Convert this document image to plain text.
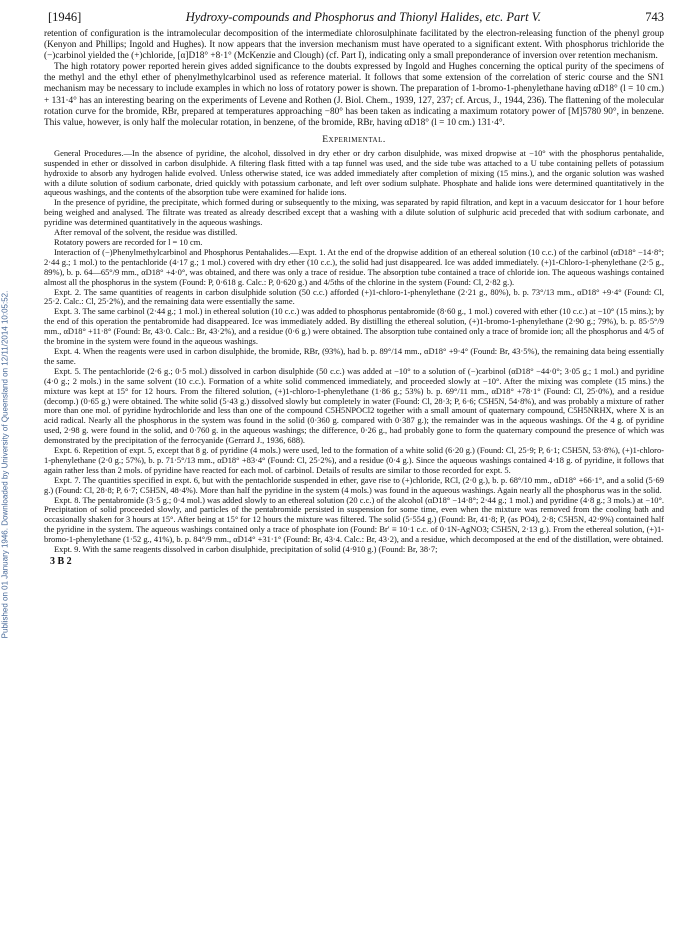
Published on 01 January 1946. Downloaded by University of Queensland on 12/11/2014 10:05:52.
[1946]	Hydroxy-compounds and Phosphorus and Thionyl Halides, etc. Part V.	743

retention of configuration is the intramolecular decomposition of the intermediate chlorosulphinate facilitated by the electron-releasing function of the phenyl group (Kenyon and Phillips; Ingold and Hughes). It now appears that the inversion mechanism must have operated to a significant extent. With phosphorus trichloride the (−)carbinol yielded the (+)chloride, [α]D18° +8·1° (McKenzie and Clough) (cf. Part I), indicating only a small preponderance of inversion over retention mechanism.

The high rotatory power reported herein gives added significance to the doubts expressed by Ingold and Hughes concerning the optical purity of the specimens of the methyl and the ethyl ether of phenylmethylcarbinol used as reference material. It follows that some extension of the correlation of steric course and the SN1 mechanism may be necessary to include examples in which no loss of rotatory power is shown. The preparation of 1-bromo-1-phenylethane having αD18° (l = 10 cm.) + 131·4° has an interesting bearing on the experiments of Levene and Rothen (J. Biol. Chem., 1939, 127, 237; cf. Arcus, J., 1944, 236). The flattening of the molecular rotation curve for the bromide, RBr, prepared at temperatures approaching −80° has been taken as indicating a maximum rotatory power of [M]5780 90°, in benzene. This value, however, is only half the molecular rotation, in benzene, of the bromide, RBr, having αD18° (l = 10 cm.) 131·4°.

Experimental.

General Procedures.—In the absence of pyridine, the alcohol, dissolved in dry ether or dry carbon disulphide, was mixed dropwise at −10° with the phosphorus pentahalide, suspended in ether or dissolved in carbon disulphide. A filtering flask fitted with a tap funnel was used, and the side tube was attached to a U tube containing pellets of potassium hydroxide to absorb any hydrogen halide evolved. Unless otherwise stated, ice was added immediately after completion of mixing (15 mins.), and the organic solution was washed with a dilute solution of sodium carbonate, dried quickly with potassium carbonate, and left over sodium sulphate. Phosphate and halide ions were determined quantitatively in the aqueous washings, and the contents of the absorption tube were examined for halide ions.

In the presence of pyridine, the precipitate, which formed during or subsequently to the mixing, was separated by rapid filtration, and kept in a vacuum desiccator for 1 hour before being weighed and analysed. The filtrate was treated as already described except that a washing with a dilute solution of sulphuric acid preceded that with sodium carbonate, and pyridine was determined quantitatively in the aqueous washings.

After removal of the solvent, the residue was distilled.

Rotatory powers are recorded for l = 10 cm.

Interaction of (−)Phenylmethylcarbinol and Phosphorus Pentahalides.—Expt. 1. At the end of the dropwise addition of an ethereal solution (10 c.c.) of the carbinol (αD18° −14·8°; 2·44 g.; 1 mol.) to the pentachloride (4·17 g.; 1 mol.) covered with dry ether (10 c.c.), the solid had just disappeared. Ice was added immediately. (+)1-Chloro-1-phenylethane (2·5 g., 89%), b. p. 64—65°/9 mm., αD18° +4·0°, was obtained, and there was only a trace of residue. The absorption tube contained a trace of chloride ion. The aqueous washings contained almost all the phosphorus in the system (Found: P, 0·618 g. Calc.: P, 0·620 g.) and 4/5ths of the chlorine in the system (Found: Cl, 2·82 g.).

Expt. 2. The same quantities of reagents in carbon disulphide solution (50 c.c.) afforded (+)1-chloro-1-phenylethane (2·21 g., 80%), b. p. 73°/13 mm., αD18° +9·4° (Found: Cl, 25·2. Calc.: Cl, 25·2%), and the remaining data were essentially the same.

Expt. 3. The same carbinol (2·44 g.; 1 mol.) in ethereal solution (10 c.c.) was added to phosphorus pentabromide (8·60 g., 1 mol.) covered with ether (10 c.c.) at −10° (15 mins.); by the end of this operation the pentabromide had disappeared. Ice was immediately added. By distilling the ethereal solution, (+)1-bromo-1-phenylethane (2·90 g.; 79%), b. p. 85·5°/9 mm., αD18° +11·8° (Found: Br, 43·0. Calc.: Br, 43·2%), and a residue (0·6 g.) were obtained. The absorption tube contained only a trace of bromide ion; all the phosphorus and 4/5 of the bromine in the system were found in the aqueous washings.

Expt. 4. When the reagents were used in carbon disulphide, the bromide, RBr, (93%), had b. p. 89°/14 mm., αD18° +9·4° (Found: Br, 43·5%), the remaining data being essentially the same.

Expt. 5. The pentachloride (2·6 g.; 0·5 mol.) dissolved in carbon disulphide (50 c.c.) was added at −10° to a solution of (−)carbinol (αD18° −44·0°; 3·05 g.; 1 mol.) and pyridine (4·0 g.; 2 mols.) in the same solvent (10 c.c.). Formation of a white solid commenced immediately, and proceeded slowly at −10°. After the mixing was complete (15 mins.) the mixture was kept at 15° for 12 hours. From the filtered solution, (+)1-chloro-1-phenylethane (1·86 g.; 53%) b. p. 69°/11 mm., αD18° +78·1° (Found: Cl, 25·0%), and a residue (decomp.) (0·65 g.) were obtained. The white solid (5·43 g.) dissolved slowly but completely in water (Found: Cl, 28·3; P, 6·6; C5H5N, 54·8%), and was probably a mixture of rather more than one mol. of pyridine hydrochloride and less than one of the compound C5H5NPOCl2 together with a small amount of quaternary compound, C5H5NRHX, where X is an acid radical. Nearly all the phosphorus in the system was found in the solid (0·360 g. compared with 0·387 g.); the remainder was in the aqueous washings. Of the 4 g. of pyridine used, 2·98 g. were found in the solid, and 0·760 g. in the aqueous washings; the difference, 0·26 g., had probably gone to form the quaternary compound the presence of which was demonstrated by the precipitation of the ferrocyanide (Gerrard J., 1936, 688).

Expt. 6. Repetition of expt. 5, except that 8 g. of pyridine (4 mols.) were used, led to the formation of a white solid (6·20 g.) (Found: Cl, 25·9; P, 6·1; C5H5N, 53·8%), (+)1-chloro-1-phenylethane (2·0 g.; 57%), b. p. 71·5°/13 mm., αD18° +83·4° (Found: Cl, 25·2%), and a residue (0·4 g.). Since the aqueous washings contained 4·18 g. of pyridine, it follows that again rather less than 2 mols. of pyridine have reacted for each mol. of carbinol. Details of results are similar to those recorded for expt. 5.

Expt. 7. The quantities specified in expt. 6, but with the pentachloride suspended in ether, gave rise to (+)chloride, RCl, (2·0 g.), b. p. 68°/10 mm., αD18° +66·1°, and a solid (5·69 g.) (Found: Cl, 28·8; P, 6·7; C5H5N, 48·4%). More than half the pyridine in the system (4 mols.) was found in the aqueous washings. Again nearly all the phosphorus was in the solid.

Expt. 8. The pentabromide (3·5 g.; 0·4 mol.) was added slowly to an ethereal solution (20 c.c.) of the alcohol (αD18° −14·8°; 2·44 g.; 1 mol.) and pyridine (4·8 g.; 3 mols.) at −10°. Precipitation of solid proceeded slowly, and particles of the pentabromide persisted in suspension for some time, even when the mixture was removed from the cooling bath and occasionally shaken for 3 hours at 15°. After being at 15° for 12 hours the mixture was filtered. The solid (5·554 g.) (Found: Br, 41·8; P, (as PO4), 2·8; C5H5N, 42·9%) contained half the pyridine in the system. The aqueous washings contained only a trace of phosphate ion (Found: Br′ ≡ 10·1 c.c. of 0·1N-AgNO3; C5H5N, 2·13 g.). From the ethereal solution, (+)1-bromo-1-phenylethane (1·52 g., 41%), b. p. 84°/9 mm., αD14° +31·1° (Found: Br, 43·4. Calc.: Br, 43·2), and a residue, which decomposed at the end of the distillation, were obtained.

Expt. 9. With the same reagents dissolved in carbon disulphide, precipitation of solid (4·910 g.) (Found: Br, 38·7;

3 B 2
